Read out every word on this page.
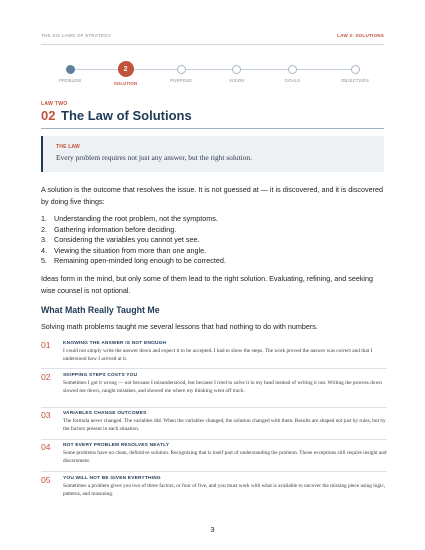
THE SIX LAWS OF STRATEGY	LAW 2: SOLUTIONS
PROBLEM
2
SOLUTION
PURPOSE	VISION	GOALS	OBJECTIVES
LAW TWO
02 The Law of Solutions
THE LAW
Every problem requires not just any answer, but the right solution.

A solution is the outcome that resolves the issue. It is not guessed at — it is discovered, and it is discovered by doing five things:

1. Understanding the root problem, not the symptoms.
2. Gathering information before deciding.
3. Considering the variables you cannot yet see.
4. Viewing the situation from more than one angle.
5. Remaining open-minded long enough to be corrected.

Ideas form in the mind, but only some of them lead to the right solution. Evaluating, refining, and seeking wise counsel is not optional.

What Math Really Taught Me

Solving math problems taught me several lessons that had nothing to do with numbers.

01	KNOWING THE ANSWER IS NOT ENOUGH
I could not simply write the answer down and expect it to be accepted. I had to show the steps. The work proved the answer was correct and that I understood how I arrived at it.
02	SKIPPING STEPS COSTS YOU
Sometimes I got it wrong — not because I misunderstood, but because I tried to solve it in my head instead of writing it out. Writing the process down slowed me down, caught mistakes, and showed me where my thinking went off track.
03	VARIABLES CHANGE OUTCOMES
The formula never changed. The variables did. When the variables changed, the solution changed with them. Results are shaped not just by rules, but by the factors present in each situation.
04	NOT EVERY PROBLEM RESOLVES NEATLY
Some problems have no clean, definitive solution. Recognizing that is itself part of understanding the problem. Those exceptions still require insight and discernment.
05	YOU WILL NOT BE GIVEN EVERYTHING
Sometimes a problem gives you two of three factors, or four of five, and you must work with what is available to uncover the missing piece using logic, patterns, and reasoning.
3
